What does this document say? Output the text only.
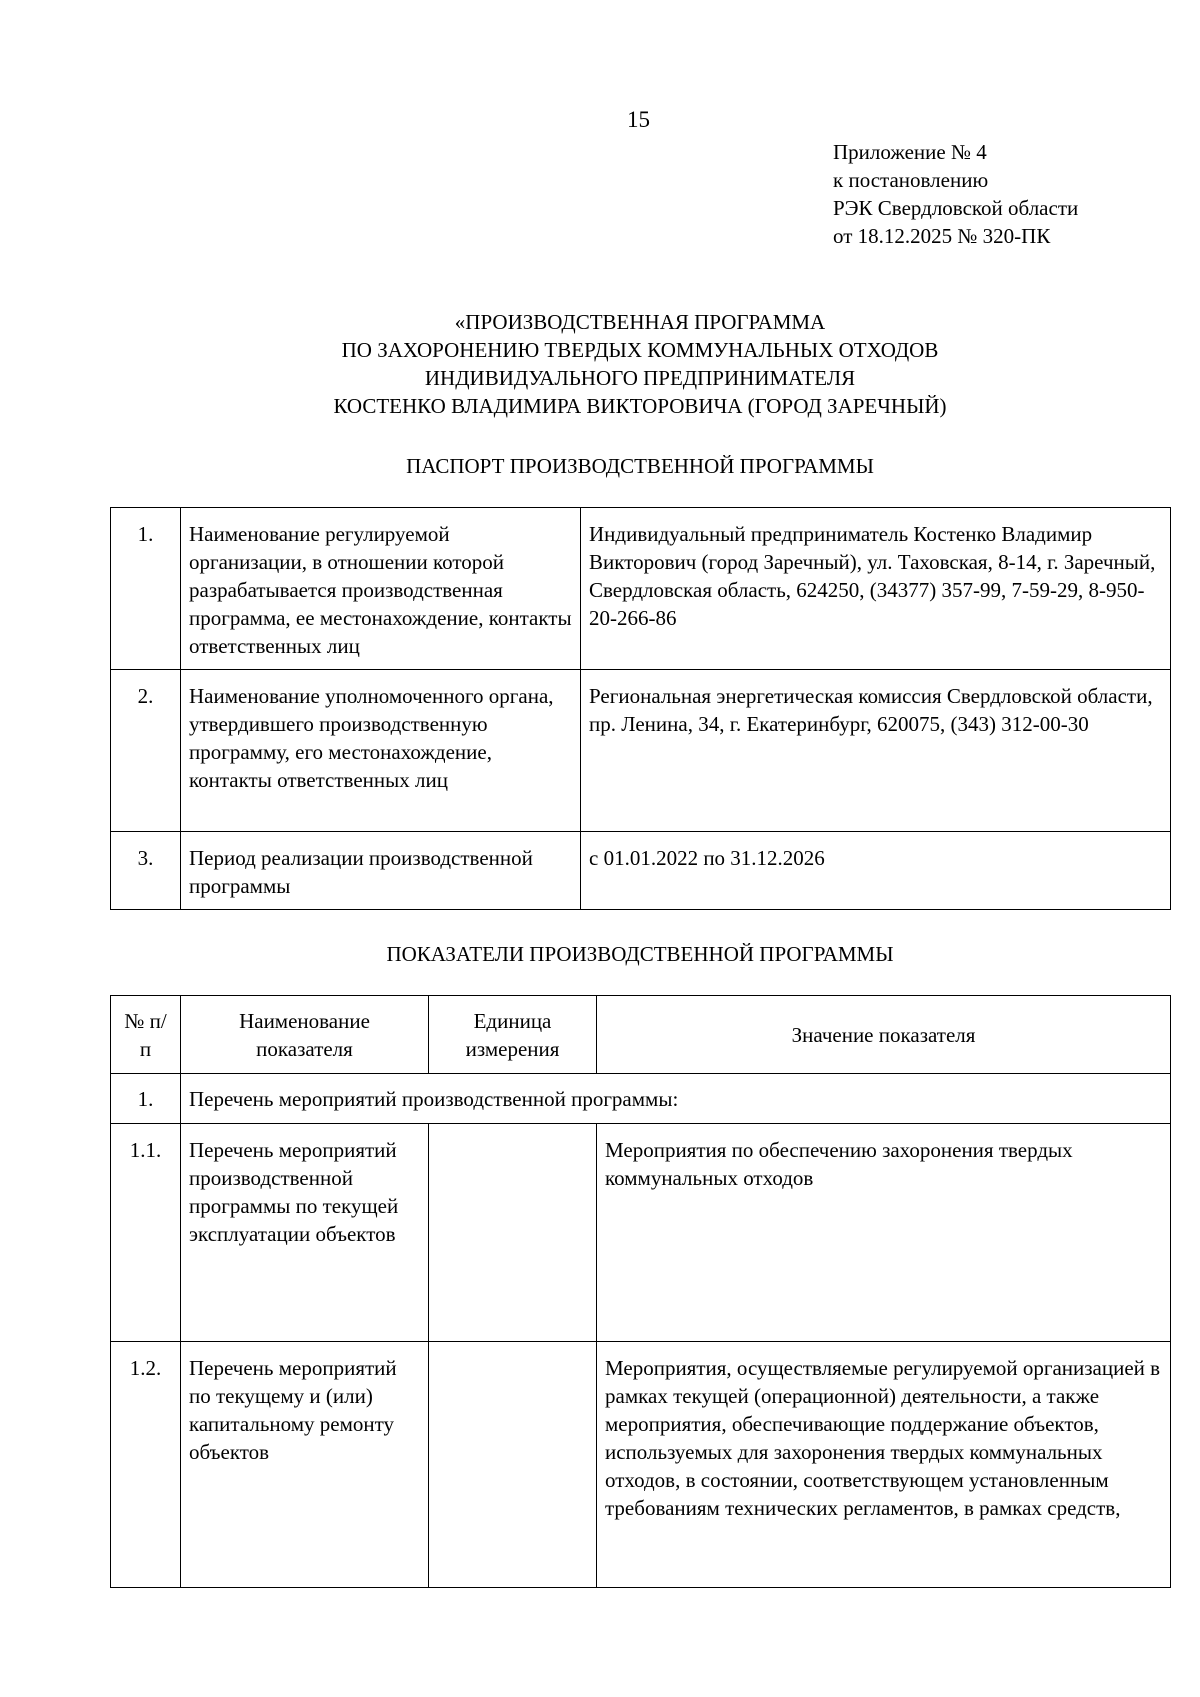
15
Приложение № 4
к постановлению
РЭК Свердловской области
от 18.12.2025 № 320-ПК
«ПРОИЗВОДСТВЕННАЯ ПРОГРАММА
ПО ЗАХОРОНЕНИЮ ТВЕРДЫХ КОММУНАЛЬНЫХ ОТХОДОВ
ИНДИВИДУАЛЬНОГО ПРЕДПРИНИМАТЕЛЯ
КОСТЕНКО ВЛАДИМИРА ВИКТОРОВИЧА (ГОРОД ЗАРЕЧНЫЙ)
ПАСПОРТ ПРОИЗВОДСТВЕННОЙ ПРОГРАММЫ
1.	Наименование регулируемой организации, в отношении которой разрабатывается производственная программа, ее местонахождение, контакты ответственных лиц	Индивидуальный предприниматель Костенко Владимир Викторович (город Заречный), ул. Таховская, 8-14, г. Заречный, Свердловская область, 624250, (34377) 357-99, 7-59-29, 8-950-20-266-86
2.	Наименование уполномоченного органа, утвердившего производственную программу, его местонахождение, контакты ответственных лиц	Региональная энергетическая комиссия Свердловской области, пр. Ленина, 34, г. Екатеринбург, 620075, (343) 312-00-30
3.	Период реализации производственной программы	с 01.01.2022 по 31.12.2026
ПОКАЗАТЕЛИ ПРОИЗВОДСТВЕННОЙ ПРОГРАММЫ
№ п/п	Наименование показателя	Единица измерения	Значение показателя
1.	Перечень мероприятий производственной программы:		
1.1.	Перечень мероприятий производственной программы по текущей эксплуатации объектов		Мероприятия по обеспечению захоронения твердых коммунальных отходов
1.2.	Перечень мероприятий по текущему и (или) капитальному ремонту объектов		Мероприятия, осуществляемые регулируемой организацией в рамках текущей (операционной) деятельности, а также мероприятия, обеспечивающие поддержание объектов, используемых для захоронения твердых коммунальных отходов, в состоянии, соответствующем установленным требованиям технических регламентов, в рамках средств,
